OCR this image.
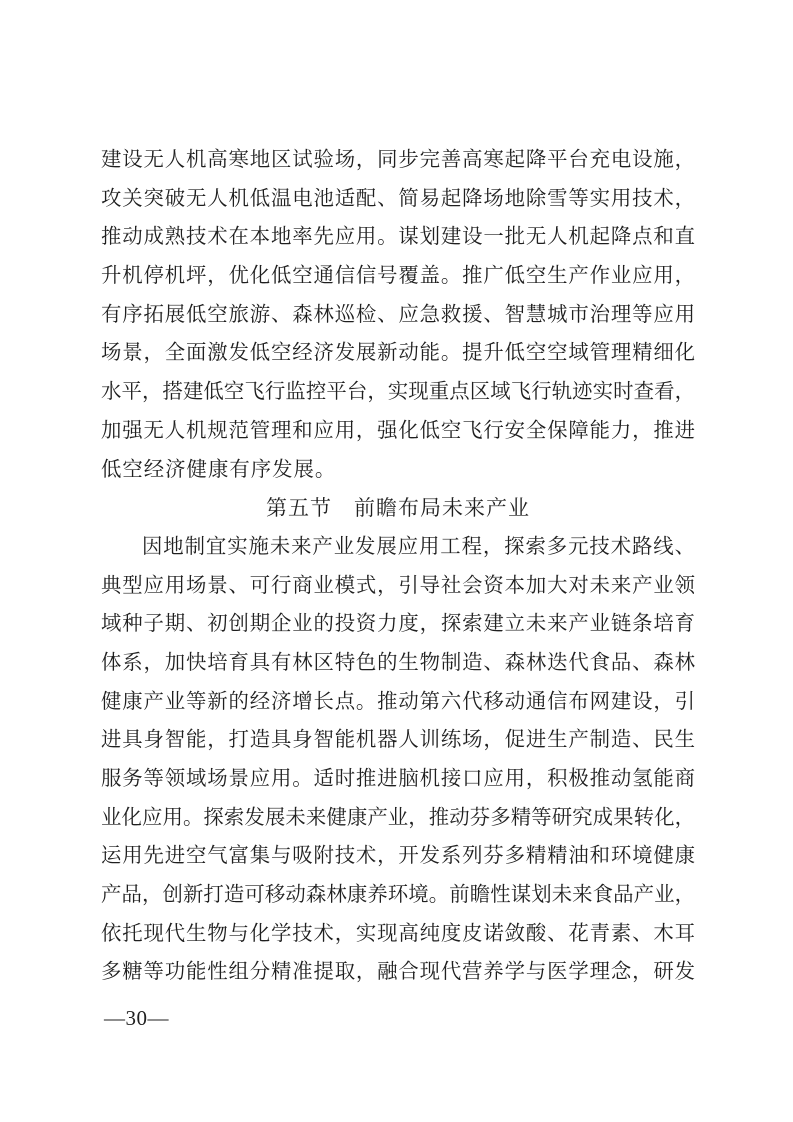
建设无人机高寒地区试验场，同步完善高寒起降平台充电设施，
攻关突破无人机低温电池适配、简易起降场地除雪等实用技术，
推动成熟技术在本地率先应用。谋划建设一批无人机起降点和直
升机停机坪，优化低空通信信号覆盖。推广低空生产作业应用，
有序拓展低空旅游、森林巡检、应急救援、智慧城市治理等应用
场景，全面激发低空经济发展新动能。提升低空空域管理精细化
水平，搭建低空飞行监控平台，实现重点区域飞行轨迹实时查看，
加强无人机规范管理和应用，强化低空飞行安全保障能力，推进
低空经济健康有序发展。
第五节　前瞻布局未来产业
因地制宜实施未来产业发展应用工程，探索多元技术路线、
典型应用场景、可行商业模式，引导社会资本加大对未来产业领
域种子期、初创期企业的投资力度，探索建立未来产业链条培育
体系，加快培育具有林区特色的生物制造、森林迭代食品、森林
健康产业等新的经济增长点。推动第六代移动通信布网建设，引
进具身智能，打造具身智能机器人训练场，促进生产制造、民生
服务等领域场景应用。适时推进脑机接口应用，积极推动氢能商
业化应用。探索发展未来健康产业，推动芬多精等研究成果转化，
运用先进空气富集与吸附技术，开发系列芬多精精油和环境健康
产品，创新打造可移动森林康养环境。前瞻性谋划未来食品产业，
依托现代生物与化学技术，实现高纯度皮诺敛酸、花青素、木耳
多糖等功能性组分精准提取，融合现代营养学与医学理念，研发
—30—
